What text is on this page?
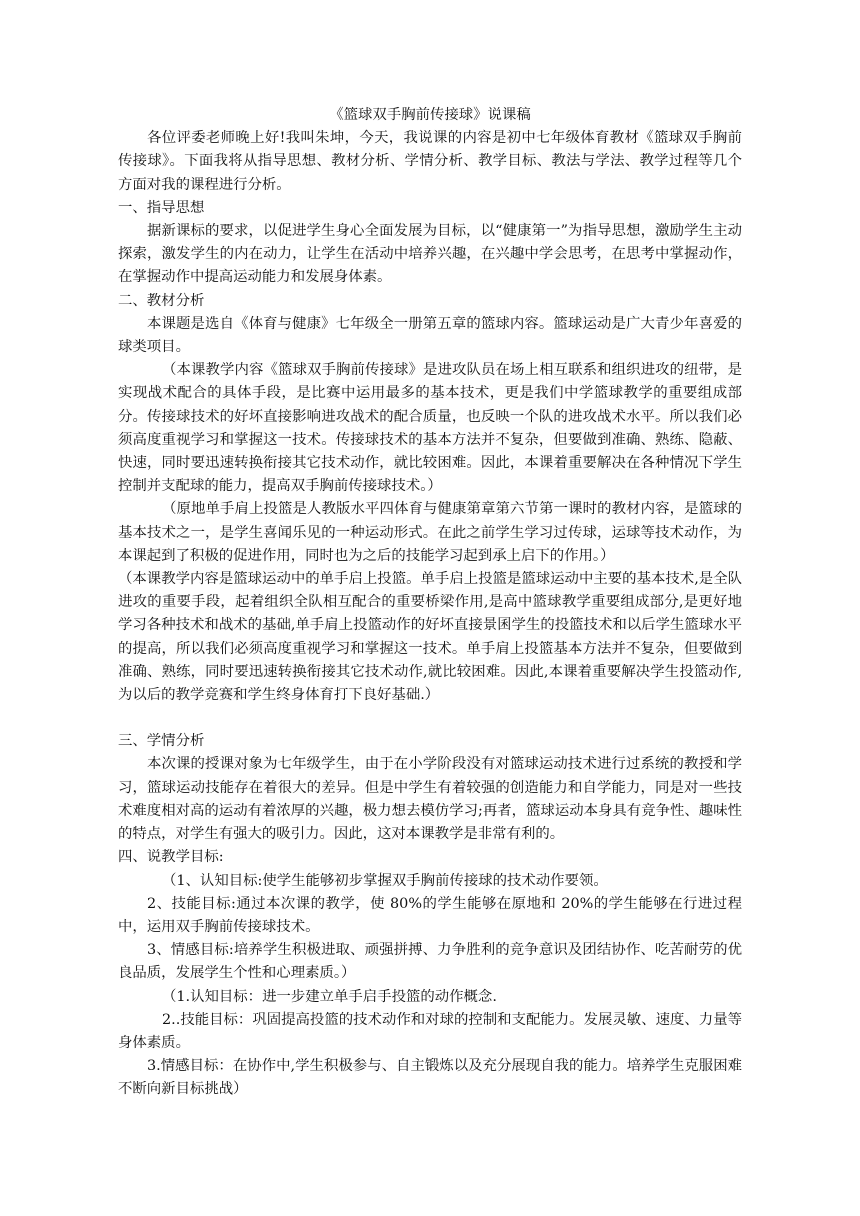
《篮球双手胸前传接球》说课稿
各位评委老师晚上好!我叫朱坤，今天，我说课的内容是初中七年级体育教材《篮球双手胸前传接球》。下面我将从指导思想、教材分析、学情分析、教学目标、教法与学法、教学过程等几个方面对我的课程进行分析。
一、指导思想
据新课标的要求，以促进学生身心全面发展为目标，以“健康第一”为指导思想，激励学生主动探索，激发学生的内在动力，让学生在活动中培养兴趣，在兴趣中学会思考，在思考中掌握动作，在掌握动作中提高运动能力和发展身体素。
二、教材分析
本课题是选自《体育与健康》七年级全一册第五章的篮球内容。篮球运动是广大青少年喜爱的球类项目。
（本课教学内容《篮球双手胸前传接球》是进攻队员在场上相互联系和组织进攻的纽带，是实现战术配合的具体手段，是比赛中运用最多的基本技术，更是我们中学篮球教学的重要组成部分。传接球技术的好坏直接影响进攻战术的配合质量，也反映一个队的进攻战术水平。所以我们必须高度重视学习和掌握这一技术。传接球技术的基本方法并不复杂，但要做到准确、熟练、隐蔽、快速，同时要迅速转换衔接其它技术动作，就比较困难。因此，本课着重要解决在各种情况下学生控制并支配球的能力，提高双手胸前传接球技术。）
（原地单手肩上投篮是人教版水平四体育与健康第章第六节第一课时的教材内容，是篮球的基本技术之一，是学生喜闻乐见的一种运动形式。在此之前学生学习过传球，运球等技术动作，为本课起到了积极的促进作用，同时也为之后的技能学习起到承上启下的作用。）
（本课教学内容是篮球运动中的单手启上投篮。单手启上投篮是篮球运动中主要的基本技术,是全队进攻的重要手段，起着组织全队相互配合的重要桥梁作用,是高中篮球教学重要组成部分,是更好地学习各种技术和战术的基础,单手肩上投篮动作的好坏直接景囷学生的投篮技术和以后学生篮球水平的提高，所以我们必须高度重视学习和掌握这一技术。单手肩上投篮基本方法并不复杂，但要做到准确、熟练，同时要迅速转换衔接其它技术动作,就比较困难。因此,本课着重要解决学生投篮动作,为以后的教学竞赛和学生终身体育打下良好基础.）
三、学情分析
本次课的授课对象为七年级学生，由于在小学阶段没有对篮球运动技术进行过系统的教授和学习，篮球运动技能存在着很大的差异。但是中学生有着较强的创造能力和自学能力，同是对一些技术难度相对高的运动有着浓厚的兴趣，极力想去模仿学习;再者，篮球运动本身具有竞争性、趣味性的特点，对学生有强大的吸引力。因此，这对本课教学是非常有利的。
四、说教学目标:
（1、认知目标:使学生能够初步掌握双手胸前传接球的技术动作要领。
2、技能目标:通过本次课的教学，使 80%的学生能够在原地和 20%的学生能够在行进过程中，运用双手胸前传接球技术。
3、情感目标:培养学生积极进取、顽强拼搏、力争胜利的竞争意识及团结协作、吃苦耐劳的优良品质，发展学生个性和心理素质。）
（1.认知目标：进一步建立单手启手投篮的动作概念.
2..技能目标：巩固提高投篮的技术动作和对球的控制和支配能力。发展灵敏、速度、力量等身体素质。
3.情感目标：在协作中,学生积极参与、自主锻炼以及充分展现自我的能力。培养学生克服困难不断向新目标挑战）
